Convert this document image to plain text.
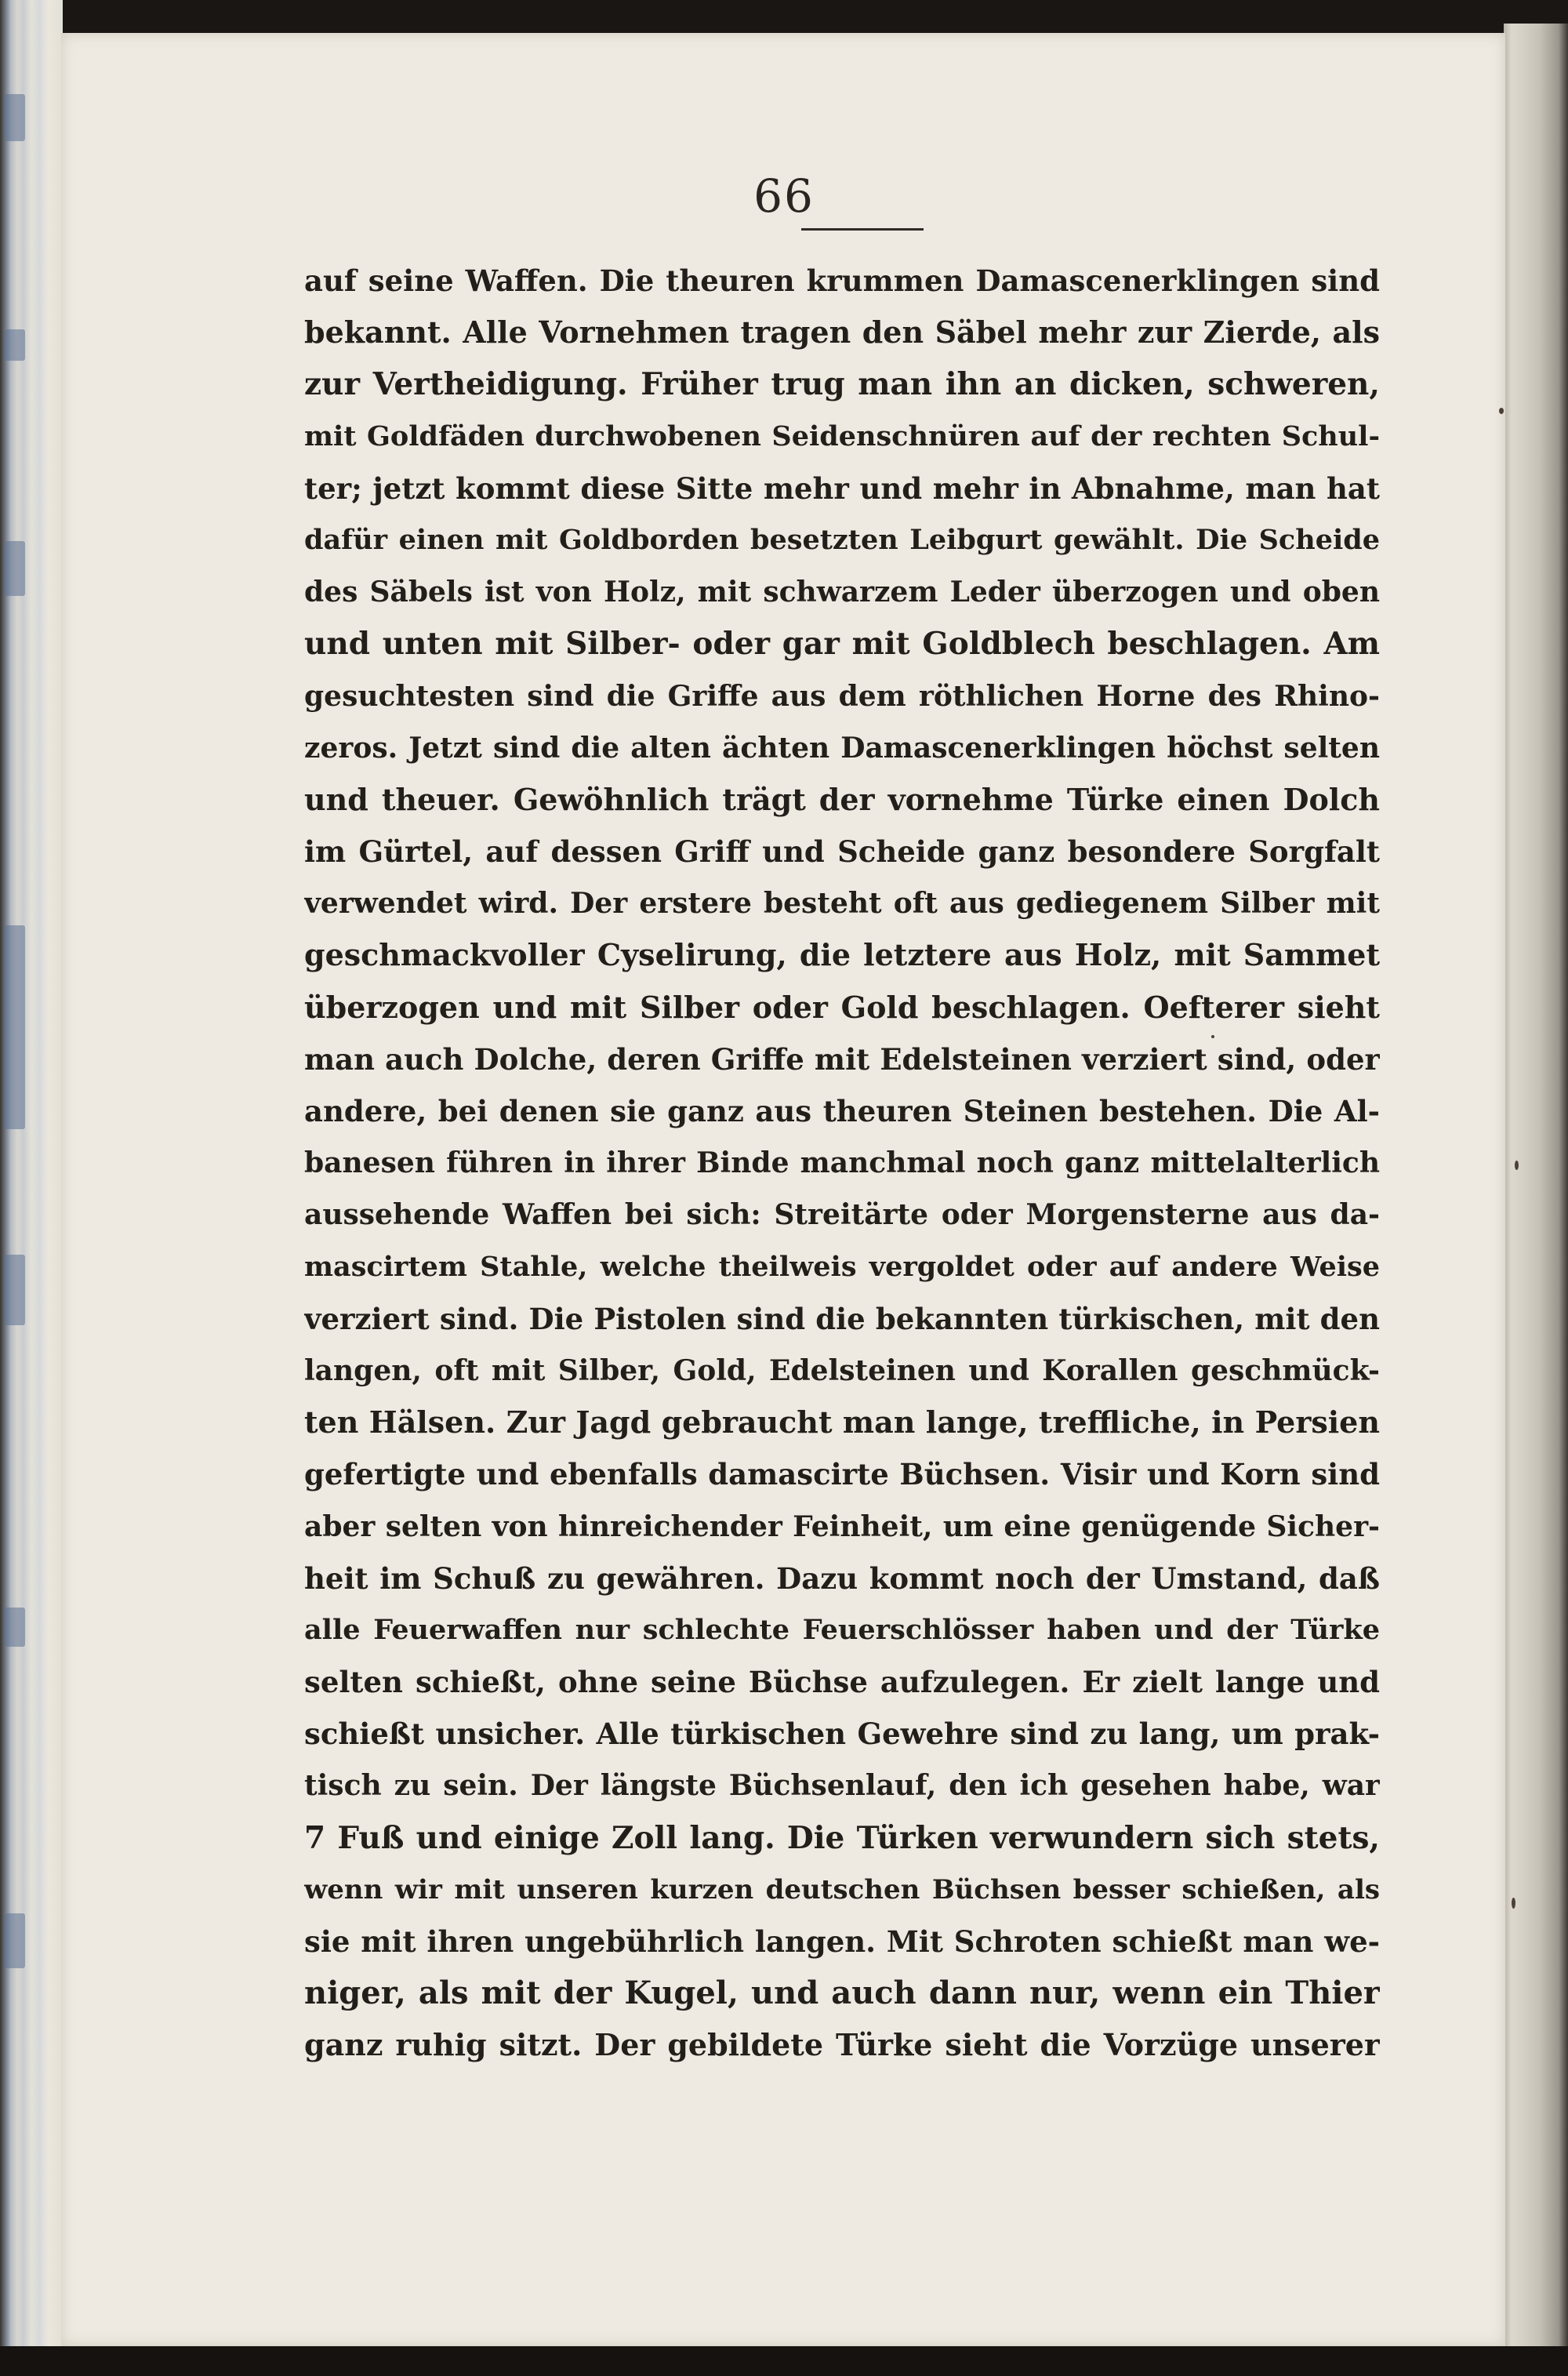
66
auf seine Waffen. Die theuren krummen Damascenerklingen sind
bekannt. Alle Vornehmen tragen den Säbel mehr zur Zierde, als
zur Vertheidigung. Früher trug man ihn an dicken, schweren,
mit Goldfäden durchwobenen Seidenschnüren auf der rechten Schul-
ter; jetzt kommt diese Sitte mehr und mehr in Abnahme, man hat
dafür einen mit Goldborden besetzten Leibgurt gewählt. Die Scheide
des Säbels ist von Holz, mit schwarzem Leder überzogen und oben
und unten mit Silber- oder gar mit Goldblech beschlagen. Am
gesuchtesten sind die Griffe aus dem röthlichen Horne des Rhino-
zeros. Jetzt sind die alten ächten Damascenerklingen höchst selten
und theuer. Gewöhnlich trägt der vornehme Türke einen Dolch
im Gürtel, auf dessen Griff und Scheide ganz besondere Sorgfalt
verwendet wird. Der erstere besteht oft aus gediegenem Silber mit
geschmackvoller Cyselirung, die letztere aus Holz, mit Sammet
überzogen und mit Silber oder Gold beschlagen. Oefterer sieht
man auch Dolche, deren Griffe mit Edelsteinen verziert sind, oder
andere, bei denen sie ganz aus theuren Steinen bestehen. Die Al-
banesen führen in ihrer Binde manchmal noch ganz mittelalterlich
aussehende Waffen bei sich: Streitärte oder Morgensterne aus da-
mascirtem Stahle, welche theilweis vergoldet oder auf andere Weise
verziert sind. Die Pistolen sind die bekannten türkischen, mit den
langen, oft mit Silber, Gold, Edelsteinen und Korallen geschmück-
ten Hälsen. Zur Jagd gebraucht man lange, treffliche, in Persien
gefertigte und ebenfalls damascirte Büchsen. Visir und Korn sind
aber selten von hinreichender Feinheit, um eine genügende Sicher-
heit im Schuß zu gewähren. Dazu kommt noch der Umstand, daß
alle Feuerwaffen nur schlechte Feuerschlösser haben und der Türke
selten schießt, ohne seine Büchse aufzulegen. Er zielt lange und
schießt unsicher. Alle türkischen Gewehre sind zu lang, um prak-
tisch zu sein. Der längste Büchsenlauf, den ich gesehen habe, war
7 Fuß und einige Zoll lang. Die Türken verwundern sich stets,
wenn wir mit unseren kurzen deutschen Büchsen besser schießen, als
sie mit ihren ungebührlich langen. Mit Schroten schießt man we-
niger, als mit der Kugel, und auch dann nur, wenn ein Thier
ganz ruhig sitzt. Der gebildete Türke sieht die Vorzüge unserer
